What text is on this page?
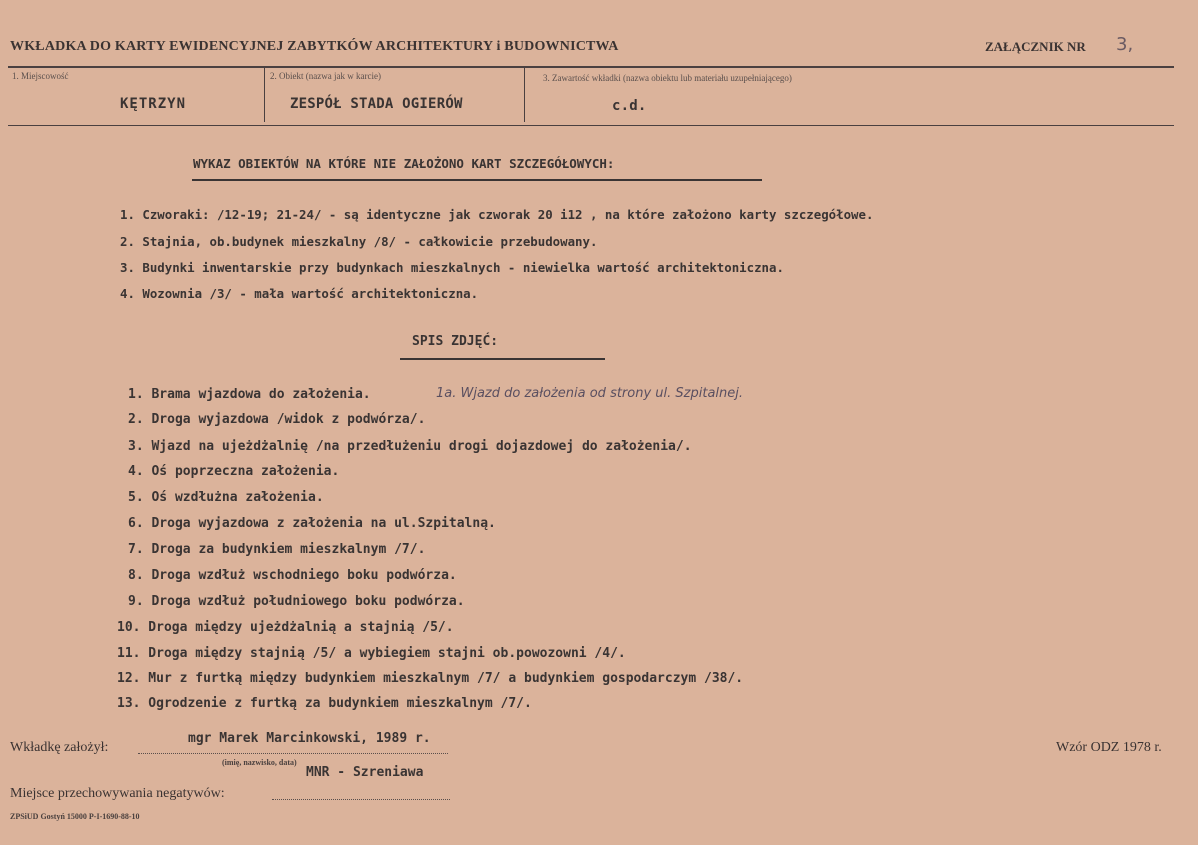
WKŁADKA DO KARTY EWIDENCYJNEJ ZABYTKÓW ARCHITEKTURY i BUDOWNICTWA	ZAŁĄCZNIK NR 3,
1. Miejscowość
KĘTRZYN
2. Obiekt (nazwa jak w karcie)
ZESPÓŁ STADA OGIERÓW
3. Zawartość wkładki (nazwa obiektu lub materiału uzupełniającego)
c.d.
WYKAZ OBIEKTÓW NA KTÓRE NIE ZAŁOŻONO KART SZCZEGÓŁOWYCH:
1. Czworaki: /12-19; 21-24/ - są identyczne jak czworak 20 i12 , na które założono karty szczegółowe.
2. Stajnia, ob.budynek mieszkalny /8/ - całkowicie przebudowany.
3. Budynki inwentarskie przy budynkach mieszkalnych - niewielka wartość architektoniczna.
4. Wozownia /3/ - mała wartość architektoniczna.
SPIS ZDJĘĆ:
1. Brama wjazdowa do założenia.	1a. Wjazd do założenia od strony ul. Szpitalnej.
2. Droga wyjazdowa /widok z podwórza/.
3. Wjazd na ujeżdżalnię /na przedłużeniu drogi dojazdowej do założenia/.
4. Oś poprzeczna założenia.
5. Oś wzdłużna założenia.
6. Droga wyjazdowa z założenia na ul.Szpitalną.
7. Droga za budynkiem mieszkalnym /7/.
8. Droga wzdłuż wschodniego boku podwórza.
9. Droga wzdłuż południowego boku podwórza.
10. Droga między ujeżdżalnią a stajnią /5/.
11. Droga między stajnią /5/ a wybiegiem stajni ob.powozowni /4/.
12. Mur z furtką między budynkiem mieszkalnym /7/ a budynkiem gospodarczym /38/.
13. Ogrodzenie z furtką za budynkiem mieszkalnym /7/.
Wkładkę założył:
mgr Marek Marcinkowski, 1989 r.
(imię, nazwisko, data)
MNR - Szreniawa
Wzór ODZ 1978 r.
Miejsce przechowywania negatywów:
ZPSiUD Gostyń 15000 P-I-1690-88-10
